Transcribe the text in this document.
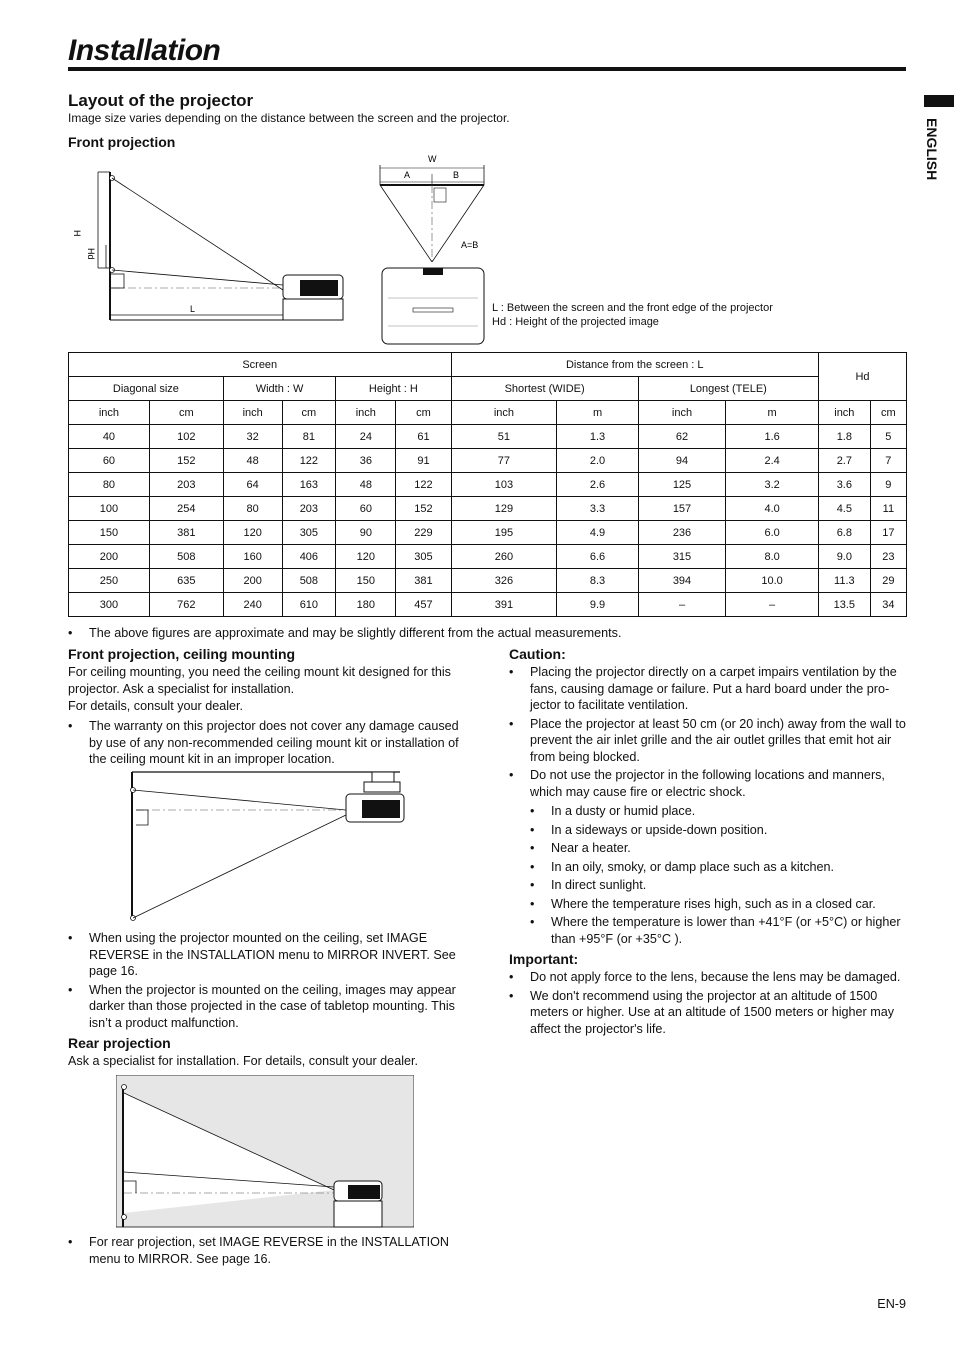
Installation
ENGLISH
Layout of the projector
Image size varies depending on the distance between the screen and the projector.
Front projection
H
Hd
L
W
A	B
A=B
L : Between the screen and the front edge of the projector
Hd : Height of the projected image
Screen						Distance from the screen : L				Hd	
Diagonal size		Width : W		Height : H		Shortest (WIDE)		Longest (TELE)			
inch	cm	inch	cm	inch	cm	inch	m	inch	m	inch	cm
40	102	32	81	24	61	51	1.3	62	1.6	1.8	5
60	152	48	122	36	91	77	2.0	94	2.4	2.7	7
80	203	64	163	48	122	103	2.6	125	3.2	3.6	9
100	254	80	203	60	152	129	3.3	157	4.0	4.5	11
150	381	120	305	90	229	195	4.9	236	6.0	6.8	17
200	508	160	406	120	305	260	6.6	315	8.0	9.0	23
250	635	200	508	150	381	326	8.3	394	10.0	11.3	29
300	762	240	610	180	457	391	9.9	–	–	13.5	34
• The above figures are approximate and may be slightly different from the actual measurements.
Front projection, ceiling mounting
For ceiling mounting, you need the ceiling mount kit designed for this projector. Ask a specialist for installation.
For details, consult your dealer.
• The warranty on this projector does not cover any damage caused by use of any non-recommended ceiling mount kit or installation of the ceiling mount kit in an improper location.
• When using the projector mounted on the ceiling, set IMAGE REVERSE in the INSTALLATION menu to MIRROR INVERT. See page 16.
• When the projector is mounted on the ceiling, images may appear darker than those projected in the case of tabletop mounting. This isn’t a product malfunction.
Rear projection
Ask a specialist for installation. For details, consult your dealer.
• For rear projection, set IMAGE REVERSE in the INSTALLATION menu to MIRROR. See page 16.
Caution:
• Placing the projector directly on a carpet impairs ventilation by the fans, causing damage or failure. Put a hard board under the pro-jector to facilitate ventilation.
• Place the projector at least 50 cm (or 20 inch) away from the wall to prevent the air inlet grille and the air outlet grilles that emit hot air from being blocked.
• Do not use the projector in the following locations and manners, which may cause fire or electric shock.
• In a dusty or humid place.
• In a sideways or upside-down position.
• Near a heater.
• In an oily, smoky, or damp place such as a kitchen.
• In direct sunlight.
• Where the temperature rises high, such as in a closed car.
• Where the temperature is lower than +41°F (or +5°C) or higher than +95°F (or +35°C ).
Important:
• Do not apply force to the lens, because the lens may be damaged.
• We don't recommend using the projector at an altitude of 1500 meters or higher. Use at an altitude of 1500 meters or higher may affect the projector's life.
EN-9
